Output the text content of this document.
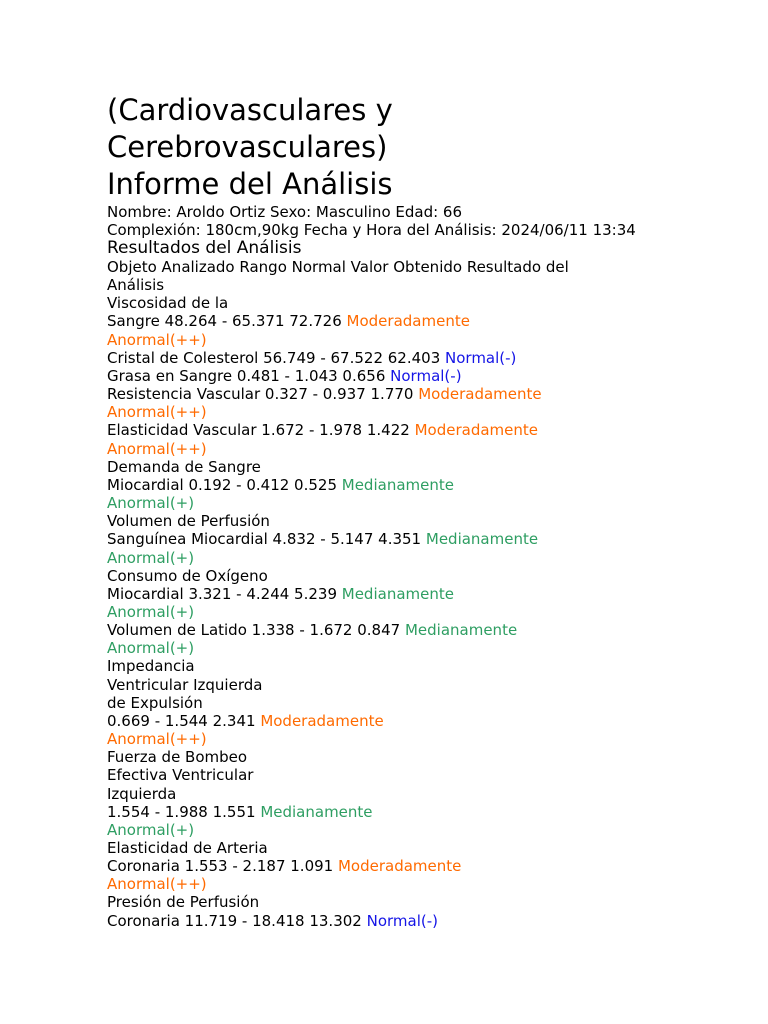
(Cardiovasculares y
Cerebrovasculares)
Informe del Análisis
Nombre: Aroldo Ortiz Sexo: Masculino Edad: 66
Complexión: 180cm,90kg Fecha y Hora del Análisis: 2024/06/11 13:34
Resultados del Análisis
Objeto Analizado Rango Normal Valor Obtenido Resultado del
Análisis
Viscosidad de la
Sangre 48.264 - 65.371 72.726 Moderadamente
Anormal(++)
Cristal de Colesterol 56.749 - 67.522 62.403 Normal(-)
Grasa en Sangre 0.481 - 1.043 0.656 Normal(-)
Resistencia Vascular 0.327 - 0.937 1.770 Moderadamente
Anormal(++)
Elasticidad Vascular 1.672 - 1.978 1.422 Moderadamente
Anormal(++)
Demanda de Sangre
Miocardial 0.192 - 0.412 0.525 Medianamente
Anormal(+)
Volumen de Perfusión
Sanguínea Miocardial 4.832 - 5.147 4.351 Medianamente
Anormal(+)
Consumo de Oxígeno
Miocardial 3.321 - 4.244 5.239 Medianamente
Anormal(+)
Volumen de Latido 1.338 - 1.672 0.847 Medianamente
Anormal(+)
Impedancia
Ventricular Izquierda
de Expulsión
0.669 - 1.544 2.341 Moderadamente
Anormal(++)
Fuerza de Bombeo
Efectiva Ventricular
Izquierda
1.554 - 1.988 1.551 Medianamente
Anormal(+)
Elasticidad de Arteria
Coronaria 1.553 - 2.187 1.091 Moderadamente
Anormal(++)
Presión de Perfusión
Coronaria 11.719 - 18.418 13.302 Normal(-)
